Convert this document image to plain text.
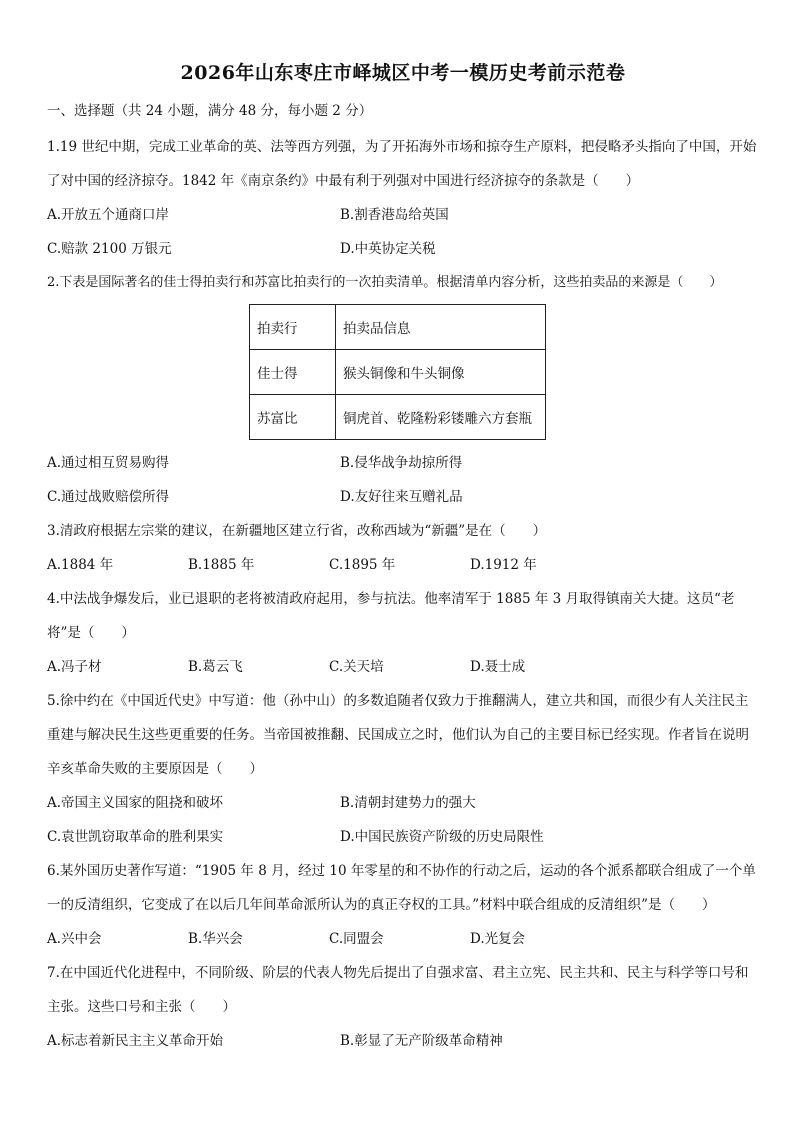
2026年山东枣庄市峄城区中考一模历史考前示范卷
一、选择题（共 24 小题，满分 48 分，每小题 2 分）

1.19 世纪中期，完成工业革命的英、法等西方列强，为了开拓海外市场和掠夺生产原料，把侵略矛头指向了中国，开始了对中国的经济掠夺。1842 年《南京条约》中最有利于列强对中国进行经济掠夺的条款是（　　）

A.开放五个通商口岸	B.割香港岛给英国
C.赔款 2100 万银元	D.中英协定关税

2.下表是国际著名的佳士得拍卖行和苏富比拍卖行的一次拍卖清单。根据清单内容分析，这些拍卖品的来源是（　　）

拍卖行	拍卖品信息
佳士得	猴头铜像和牛头铜像
苏富比	铜虎首、乾隆粉彩镂雕六方套瓶
A.通过相互贸易购得	B.侵华战争劫掠所得
C.通过战败赔偿所得	D.友好往来互赠礼品

3.清政府根据左宗棠的建议，在新疆地区建立行省，改称西域为“新疆”是在（　　）

A.1884 年	B.1885 年	C.1895 年	D.1912 年

4.中法战争爆发后，业已退职的老将被清政府起用，参与抗法。他率清军于 1885 年 3 月取得镇南关大捷。这员“老将”是（　　）

A.冯子材	B.葛云飞	C.关天培	D.聂士成

5.徐中约在《中国近代史》中写道：他（孙中山）的多数追随者仅致力于推翻满人，建立共和国，而很少有人关注民主重建与解决民生这些更重要的任务。当帝国被推翻、民国成立之时，他们认为自己的主要目标已经实现。作者旨在说明辛亥革命失败的主要原因是（　　）

A.帝国主义国家的阻挠和破坏	B.清朝封建势力的强大
C.袁世凯窃取革命的胜利果实	D.中国民族资产阶级的历史局限性

6.某外国历史著作写道：“1905 年 8 月，经过 10 年零星的和不协作的行动之后，运动的各个派系都联合组成了一个单一的反清组织，它变成了在以后几年间革命派所认为的真正夺权的工具。”材料中联合组成的反清组织”是（　　）

A.兴中会	B.华兴会	C.同盟会	D.光复会

7.在中国近代化进程中，不同阶级、阶层的代表人物先后提出了自强求富、君主立宪、民主共和、民主与科学等口号和主张。这些口号和主张（　　）

A.标志着新民主主义革命开始	B.彰显了无产阶级革命精神
